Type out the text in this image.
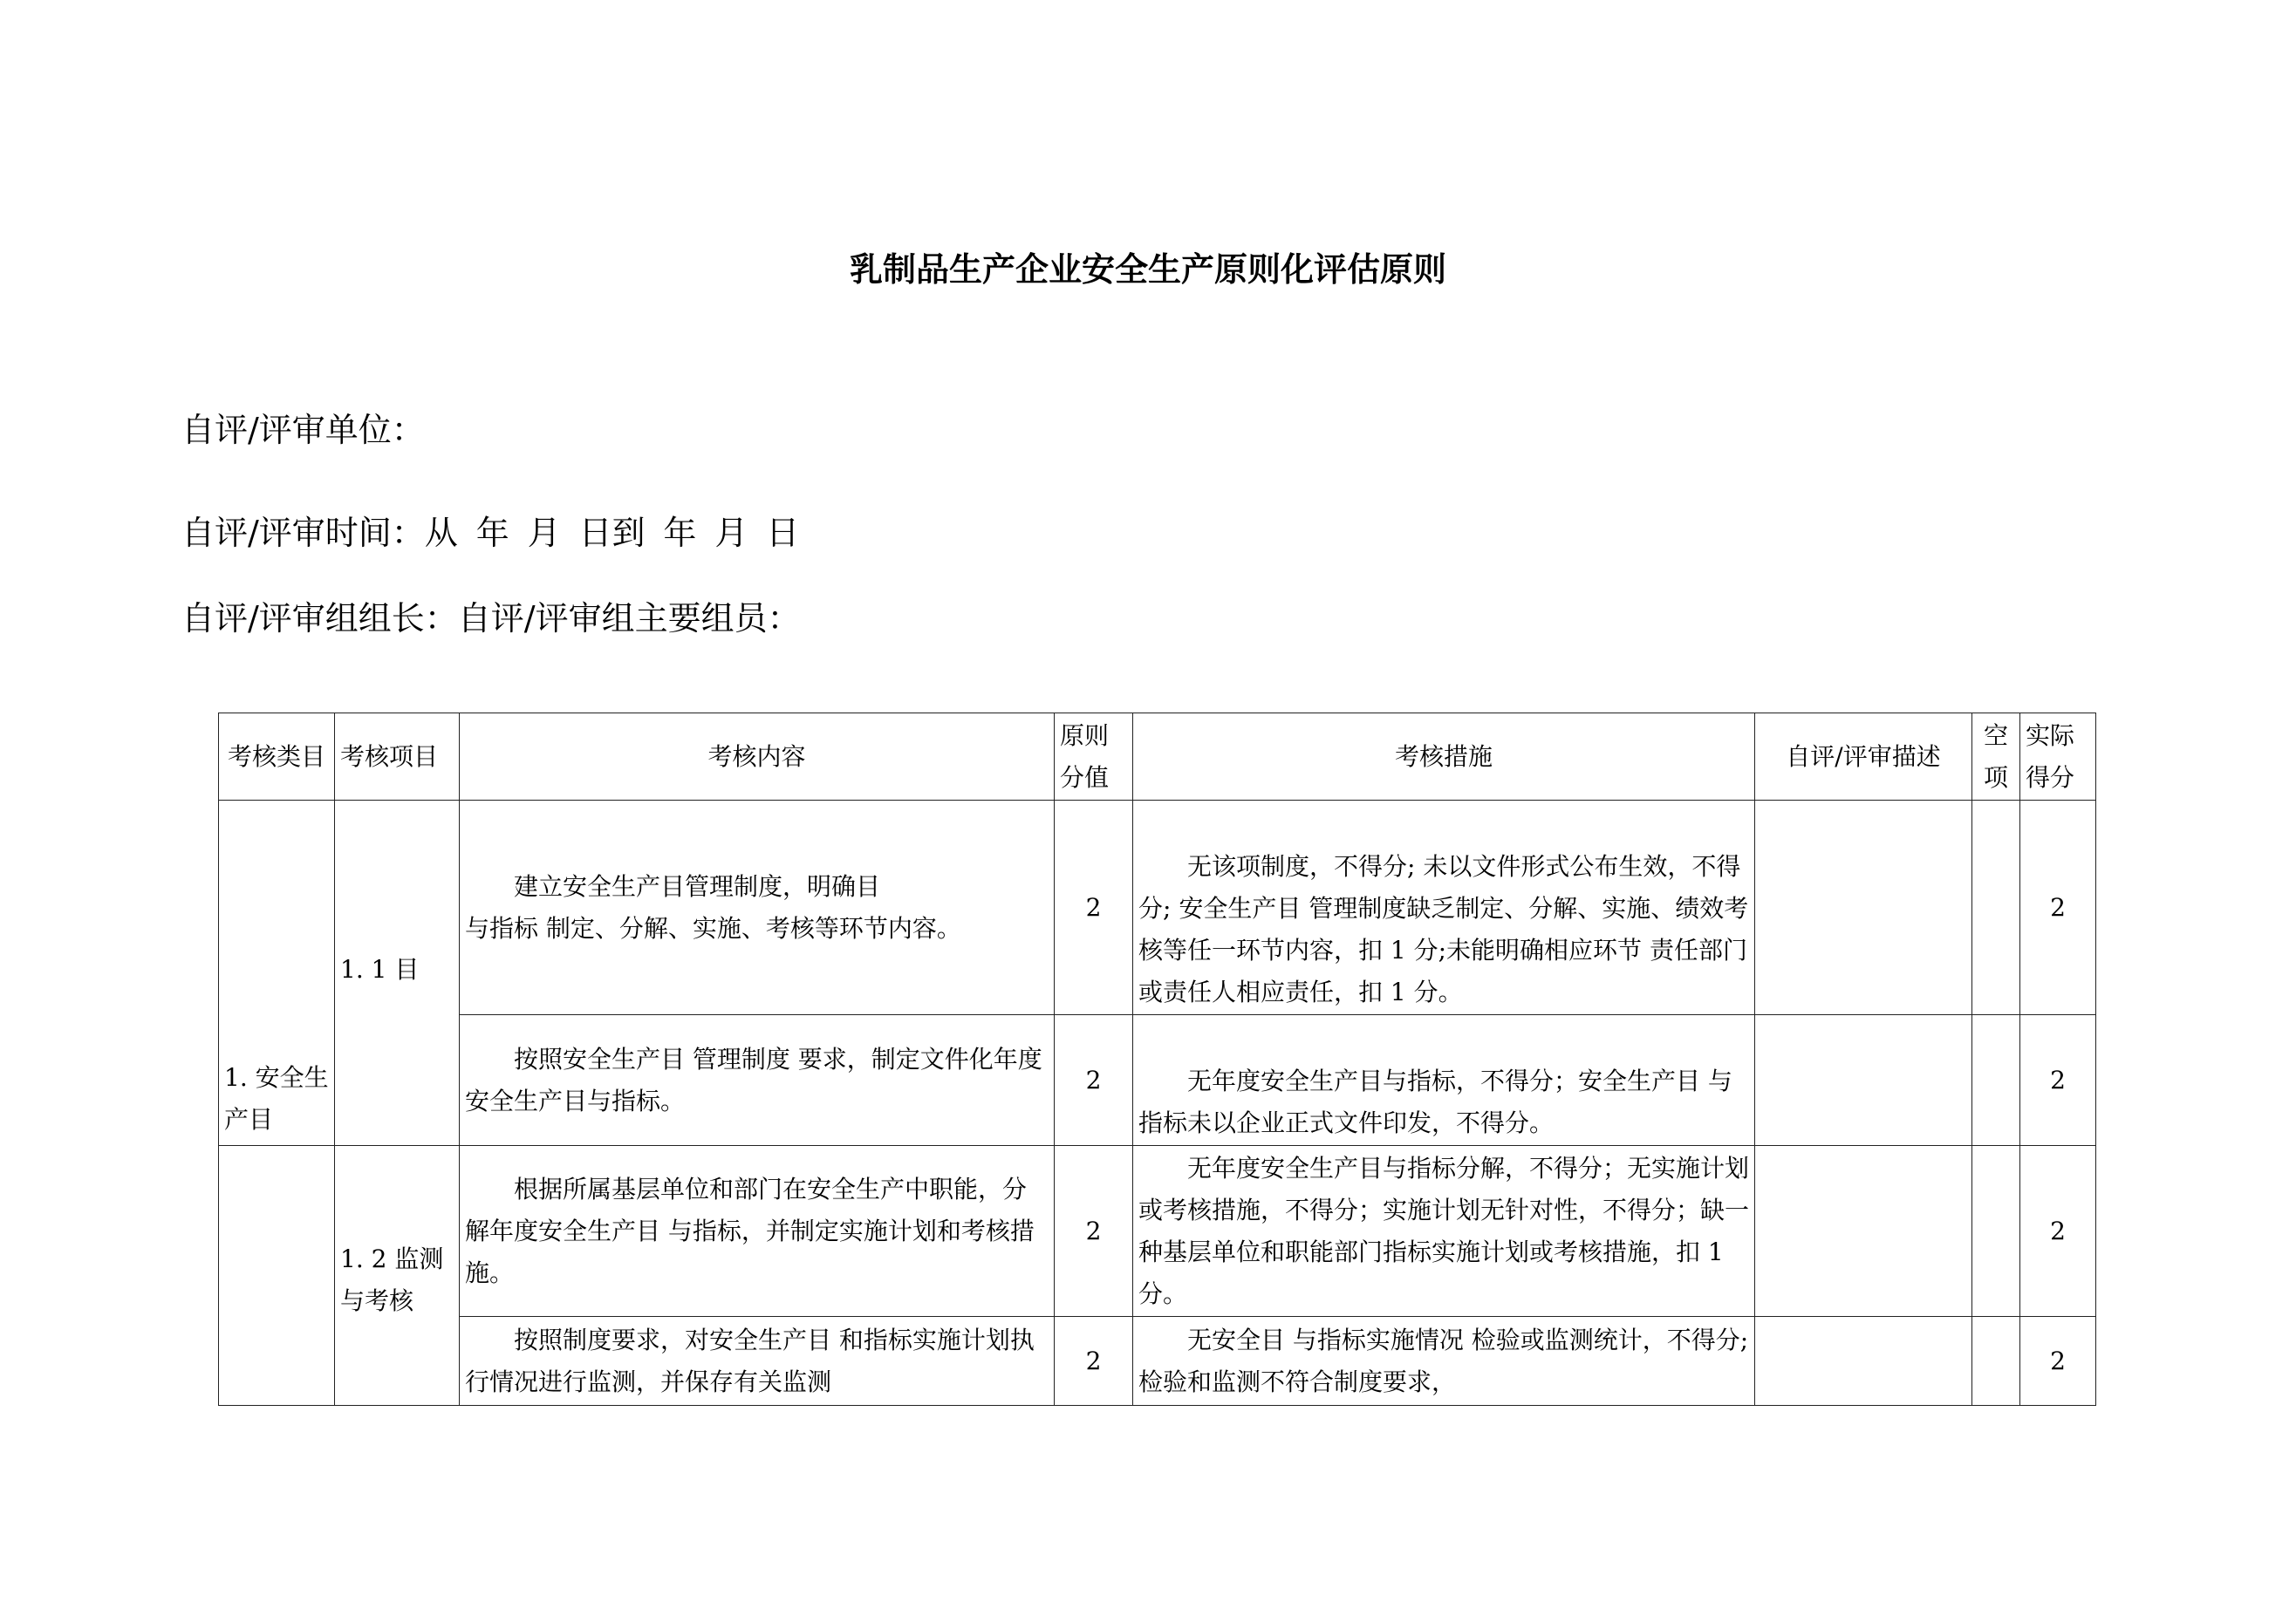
乳制品生产企业安全生产原则化评估原则
自评/评审单位：
自评/评审时间：从 年 月 日到 年 月 日
自评/评审组组长：自评/评审组主要组员：
考核类目	考核项目	考核内容	原则分值	考核措施	自评/评审描述	空项	实际得分
1. 安全生产目	1. 1 目	建立安全生产目管理制度，明确目
与指标 制定、分解、实施、考核等环节内容。	2	无该项制度，不得分; 未以文件形式公布生效，不得分; 安全生产目 管理制度缺乏制定、分解、实施、绩效考核等任一环节内容，扣 1 分;未能明确相应环节 责任部门或责任人相应责任，扣 1 分。			2

		按照安全生产目 管理制度 要求，制定文件化年度安全生产目与指标。	2	无年度安全生产目与指标，不得分；安全生产目 与指标未以企业正式文件印发，不得分。			2
	1. 2 监测与考核	根据所属基层单位和部门在安全生产中职能，分解年度安全生产目 与指标，并制定实施计划和考核措施。	2	无年度安全生产目与指标分解，不得分；无实施计划或考核措施，不得分；实施计划无针对性，不得分；缺一种基层单位和职能部门指标实施计划或考核措施，扣 1 分。			2

		按照制度要求，对安全生产目 和指标实施计划执行情况进行监测，并保存有关监测	2	无安全目 与指标实施情况 检验或监测统计，不得分;检验和监测不符合制度要求，			2
